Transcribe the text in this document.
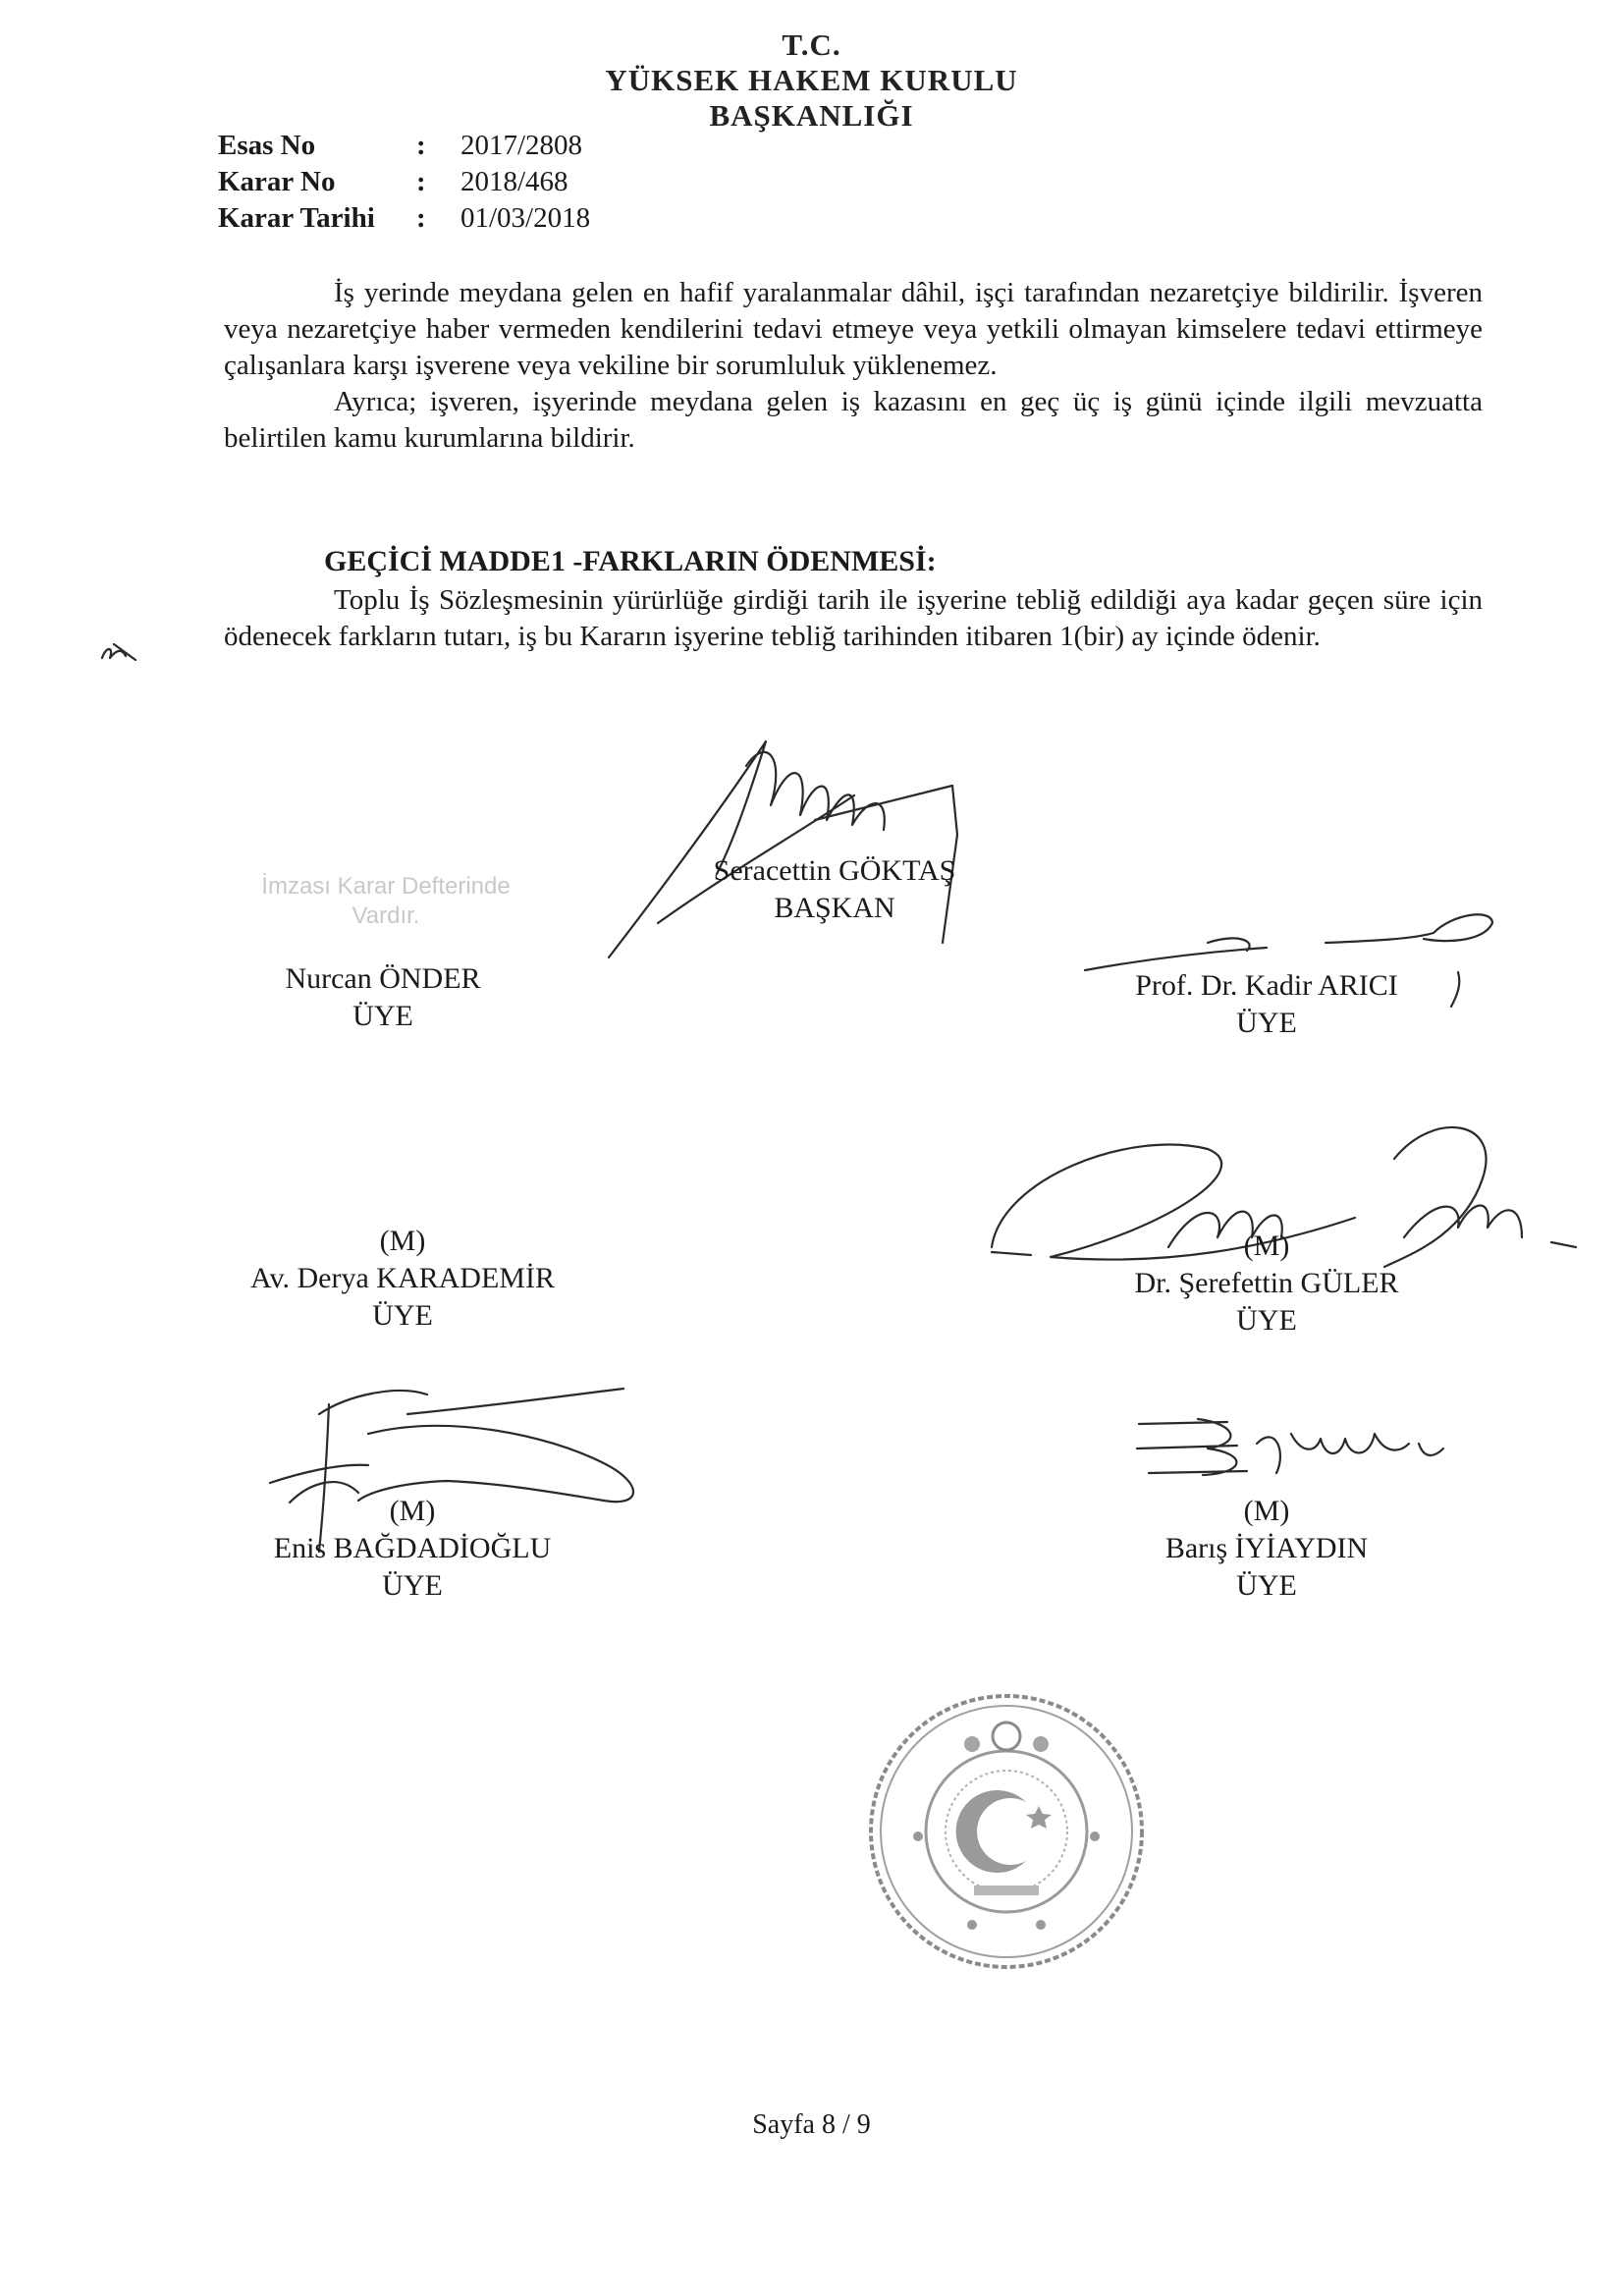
T.C.
YÜKSEK HAKEM KURULU
BAŞKANLIĞI
Esas No	:	2017/2808
Karar No	:	2018/468
Karar Tarihi	:	01/03/2018

İş yerinde meydana gelen en hafif yaralanmalar dâhil, işçi tarafından nezaretçiye bildirilir. İşveren veya nezaretçiye haber vermeden kendilerini tedavi etmeye veya yetkili olmayan kimselere tedavi ettirmeye çalışanlara karşı işverene veya vekiline bir sorumluluk yüklenemez.

Ayrıca; işveren, işyerinde meydana gelen iş kazasını en geç üç iş günü içinde ilgili mevzuatta belirtilen kamu kurumlarına bildirir.

GEÇİCİ MADDE1 -FARKLARIN ÖDENMESİ:

Toplu İş Sözleşmesinin yürürlüğe girdiği tarih ile işyerine tebliğ edildiği aya kadar geçen süre için ödenecek farkların tutarı, iş bu Kararın işyerine tebliğ tarihinden itibaren 1(bir) ay içinde ödenir.

Seracettin GÖKTAŞ
BAŞKAN
İmzası Karar Defterinde
Vardır.
Nurcan ÖNDER
ÜYE
Prof. Dr. Kadir ARICI
ÜYE
(M)
Av. Derya KARADEMİR
ÜYE
(M)
Dr. Şerefettin GÜLER
ÜYE
(M)
Enis BAĞDADİOĞLU
ÜYE
(M)
Barış İYİAYDIN
ÜYE
Sayfa 8 / 9
